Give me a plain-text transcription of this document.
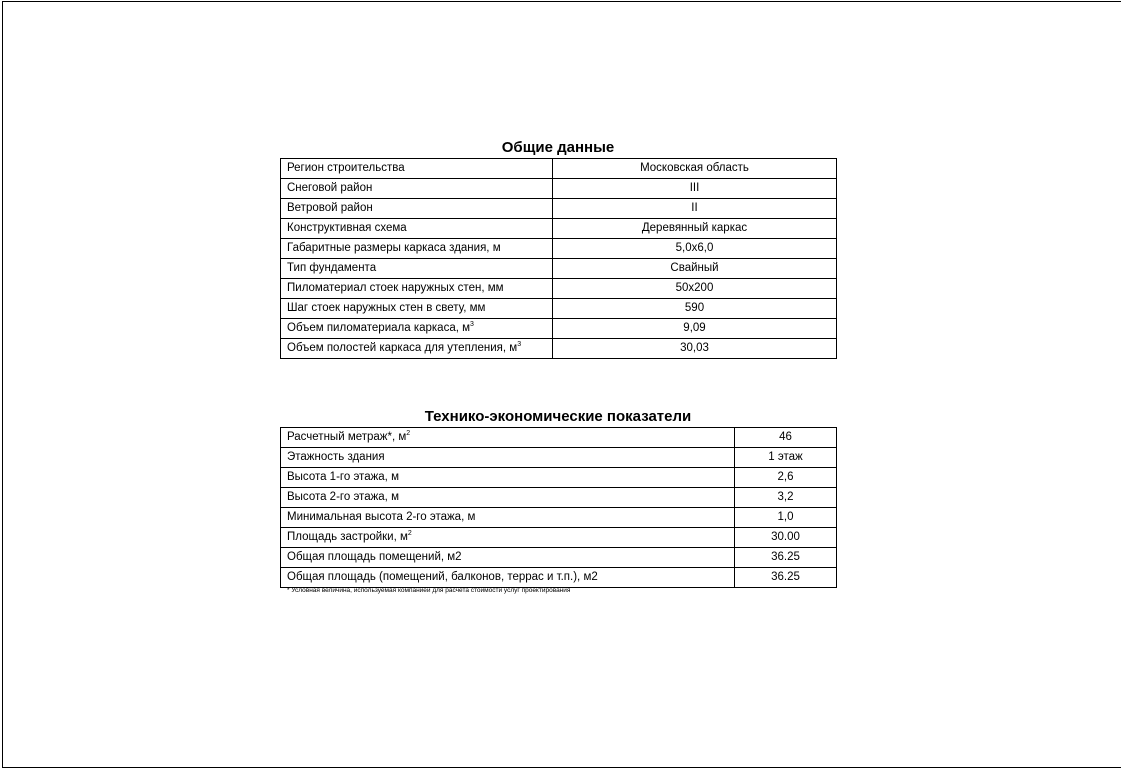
Общие данные
Регион строительства	Московская область
Снеговой район	III
Ветровой район	II
Конструктивная схема	Деревянный каркас
Габаритные размеры каркаса здания, м	5,0х6,0
Тип фундамента	Свайный
Пиломатериал стоек наружных стен, мм	50х200
Шаг стоек наружных стен в свету, мм	590
Объем пиломатериала каркаса, $м^3$	9,09
Объем полостей каркаса для утепления, $м^3$	30,03
Технико-экономические показатели
Расчетный метраж*, $м^2$	46
Этажность здания	1 этаж
Высота 1-го этажа, м	2,6
Высота 2-го этажа, м	3,2
Минимальная высота 2-го этажа, м	1,0
Площадь застройки, $м^2$	30.00
Общая площадь помещений, м2	36.25
Общая площадь (помещений, балконов, террас и т.п.), м2	36.25
* Условная величина, используемая компанией для расчета стоимости услуг проектирования
